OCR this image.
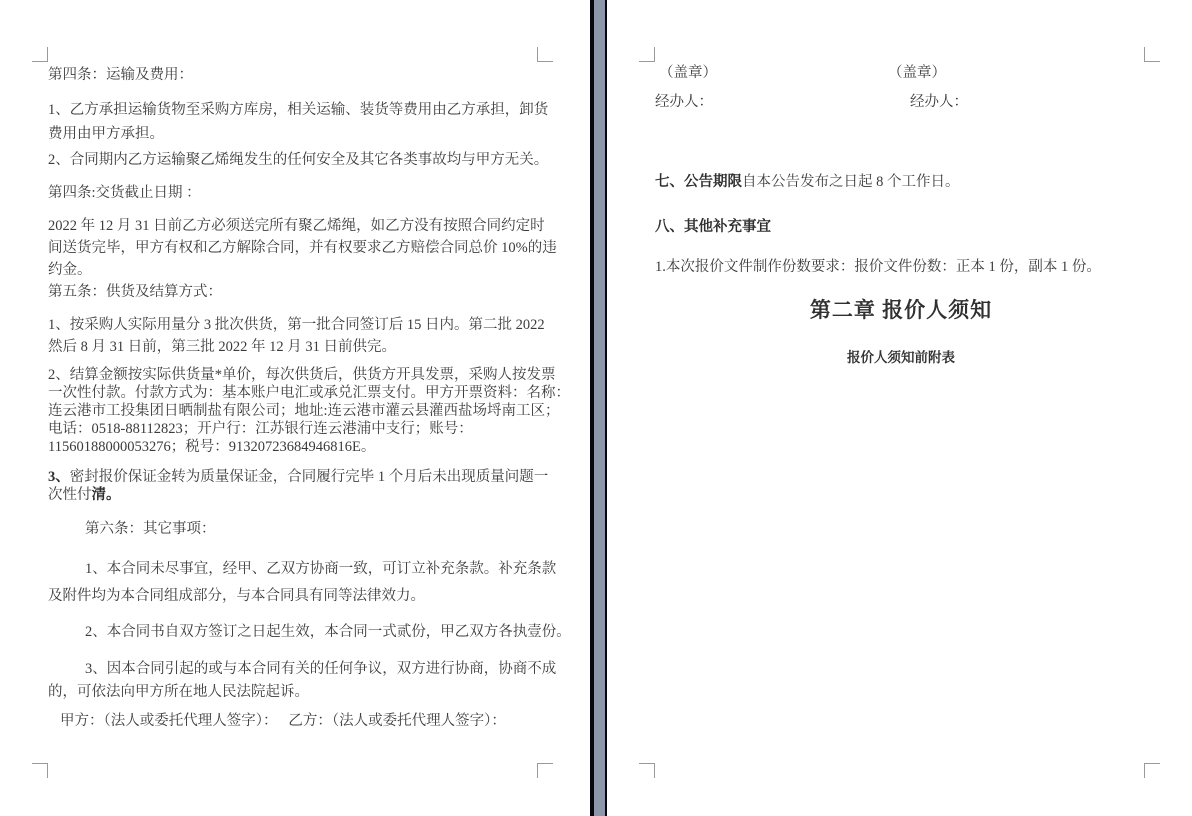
第四条：运输及费用：
1、乙方承担运输货物至采购方库房，相关运输、装货等费用由乙方承担，卸货
费用由甲方承担。
2、合同期内乙方运输聚乙烯绳发生的任何安全及其它各类事故均与甲方无关。
第四条:交货截止日期 ：
2022 年 12 月 31 日前乙方必须送完所有聚乙烯绳，如乙方没有按照合同约定时
间送货完毕，甲方有权和乙方解除合同，并有权要求乙方赔偿合同总价 10%的违
约金。
第五条：供货及结算方式：
1、按采购人实际用量分 3 批次供货，第一批合同签订后 15 日内。第二批 2022
然后 8 月 31 日前，第三批 2022 年 12 月 31 日前供完。
2、结算金额按实际供货量*单价，每次供货后，供货方开具发票，采购人按发票
一次性付款。付款方式为：基本账户电汇或承兑汇票支付。甲方开票资料：名称：
连云港市工投集团日晒制盐有限公司；地址:连云港市灌云县灌西盐场埒南工区；
电话：0518-88112823；开户行：江苏银行连云港浦中支行；账号：
11560188000053276；税号：91320723684946816E。
3、密封报价保证金转为质量保证金，合同履行完毕 1 个月后未出现质量问题一
次性付清。
第六条：其它事项：
1、本合同未尽事宜，经甲、乙双方协商一致，可订立补充条款。补充条款
及附件均为本合同组成部分，与本合同具有同等法律效力。
2、本合同书自双方签订之日起生效，本合同一式贰份，甲乙双方各执壹份。
3、因本合同引起的或与本合同有关的任何争议，双方进行协商，协商不成
的，可依法向甲方所在地人民法院起诉。
甲方：（法人或委托代理人签字）：　 乙方：（法人或委托代理人签字）：
（盖章）	（盖章）
经办人：	经办人：
七、公告期限自本公告发布之日起 8 个工作日。
八、其他补充事宜
1.本次报价文件制作份数要求：报价文件份数：正本 1 份，副本 1 份。
第二章 报价人须知
报价人须知前附表
